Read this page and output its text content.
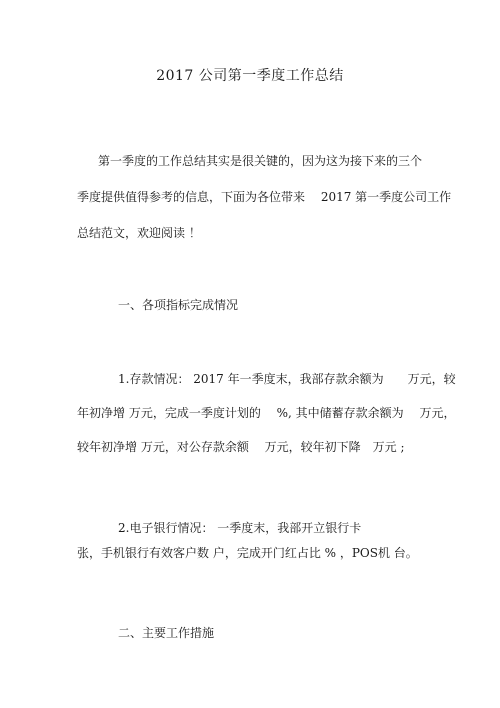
2017 公司第一季度工作总结
第一季度的工作总结其实是很关键的，因为这为接下来的三个
季度提供值得参考的信息，下面为各位带来　 2017 第一季度公司工作
总结范文，欢迎阅读 ！
一、各项指标完成情况
1.存款情况： 2017 年一季度末，我部存款余额为　　万元，较
年初净增 万元，完成一季度计划的　 %, 其中储蓄存款余额为　 万元，
较年初净增 万元，对公存款余额　 万元，较年初下降　万元 ;
2.电子银行情况： 一季度末，我部开立银行卡
张，手机银行有效客户数 户，完成开门红占比 % ，POS机 台。
二、主要工作措施
